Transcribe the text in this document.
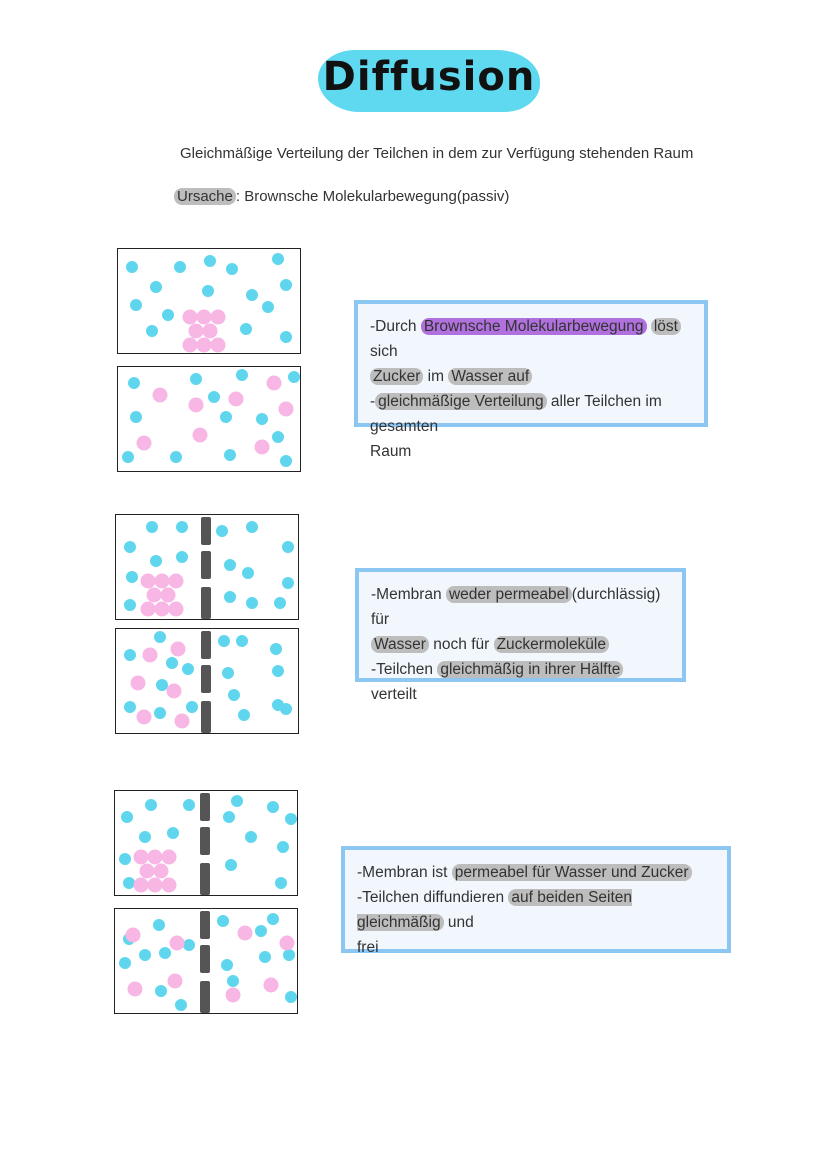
Diffusion
Gleichmäßige Verteilung der Teilchen in dem zur Verfügung stehenden Raum
Ursache : Brownsche Molekularbewegung(passiv)

-Durch Brownsche Molekularbewegung löst sich

Zucker im Wasser auf

- gleichmäßige Verteilung aller Teilchen im gesamten

Raum

-Membran weder permeabel (durchlässig) für

Wasser noch für Zuckermoleküle

-Teilchen gleichmäßig in ihrer Hälfte verteilt

-Membran ist permeabel für Wasser und Zucker

-Teilchen diffundieren auf beiden Seiten gleichmäßig und

frei
